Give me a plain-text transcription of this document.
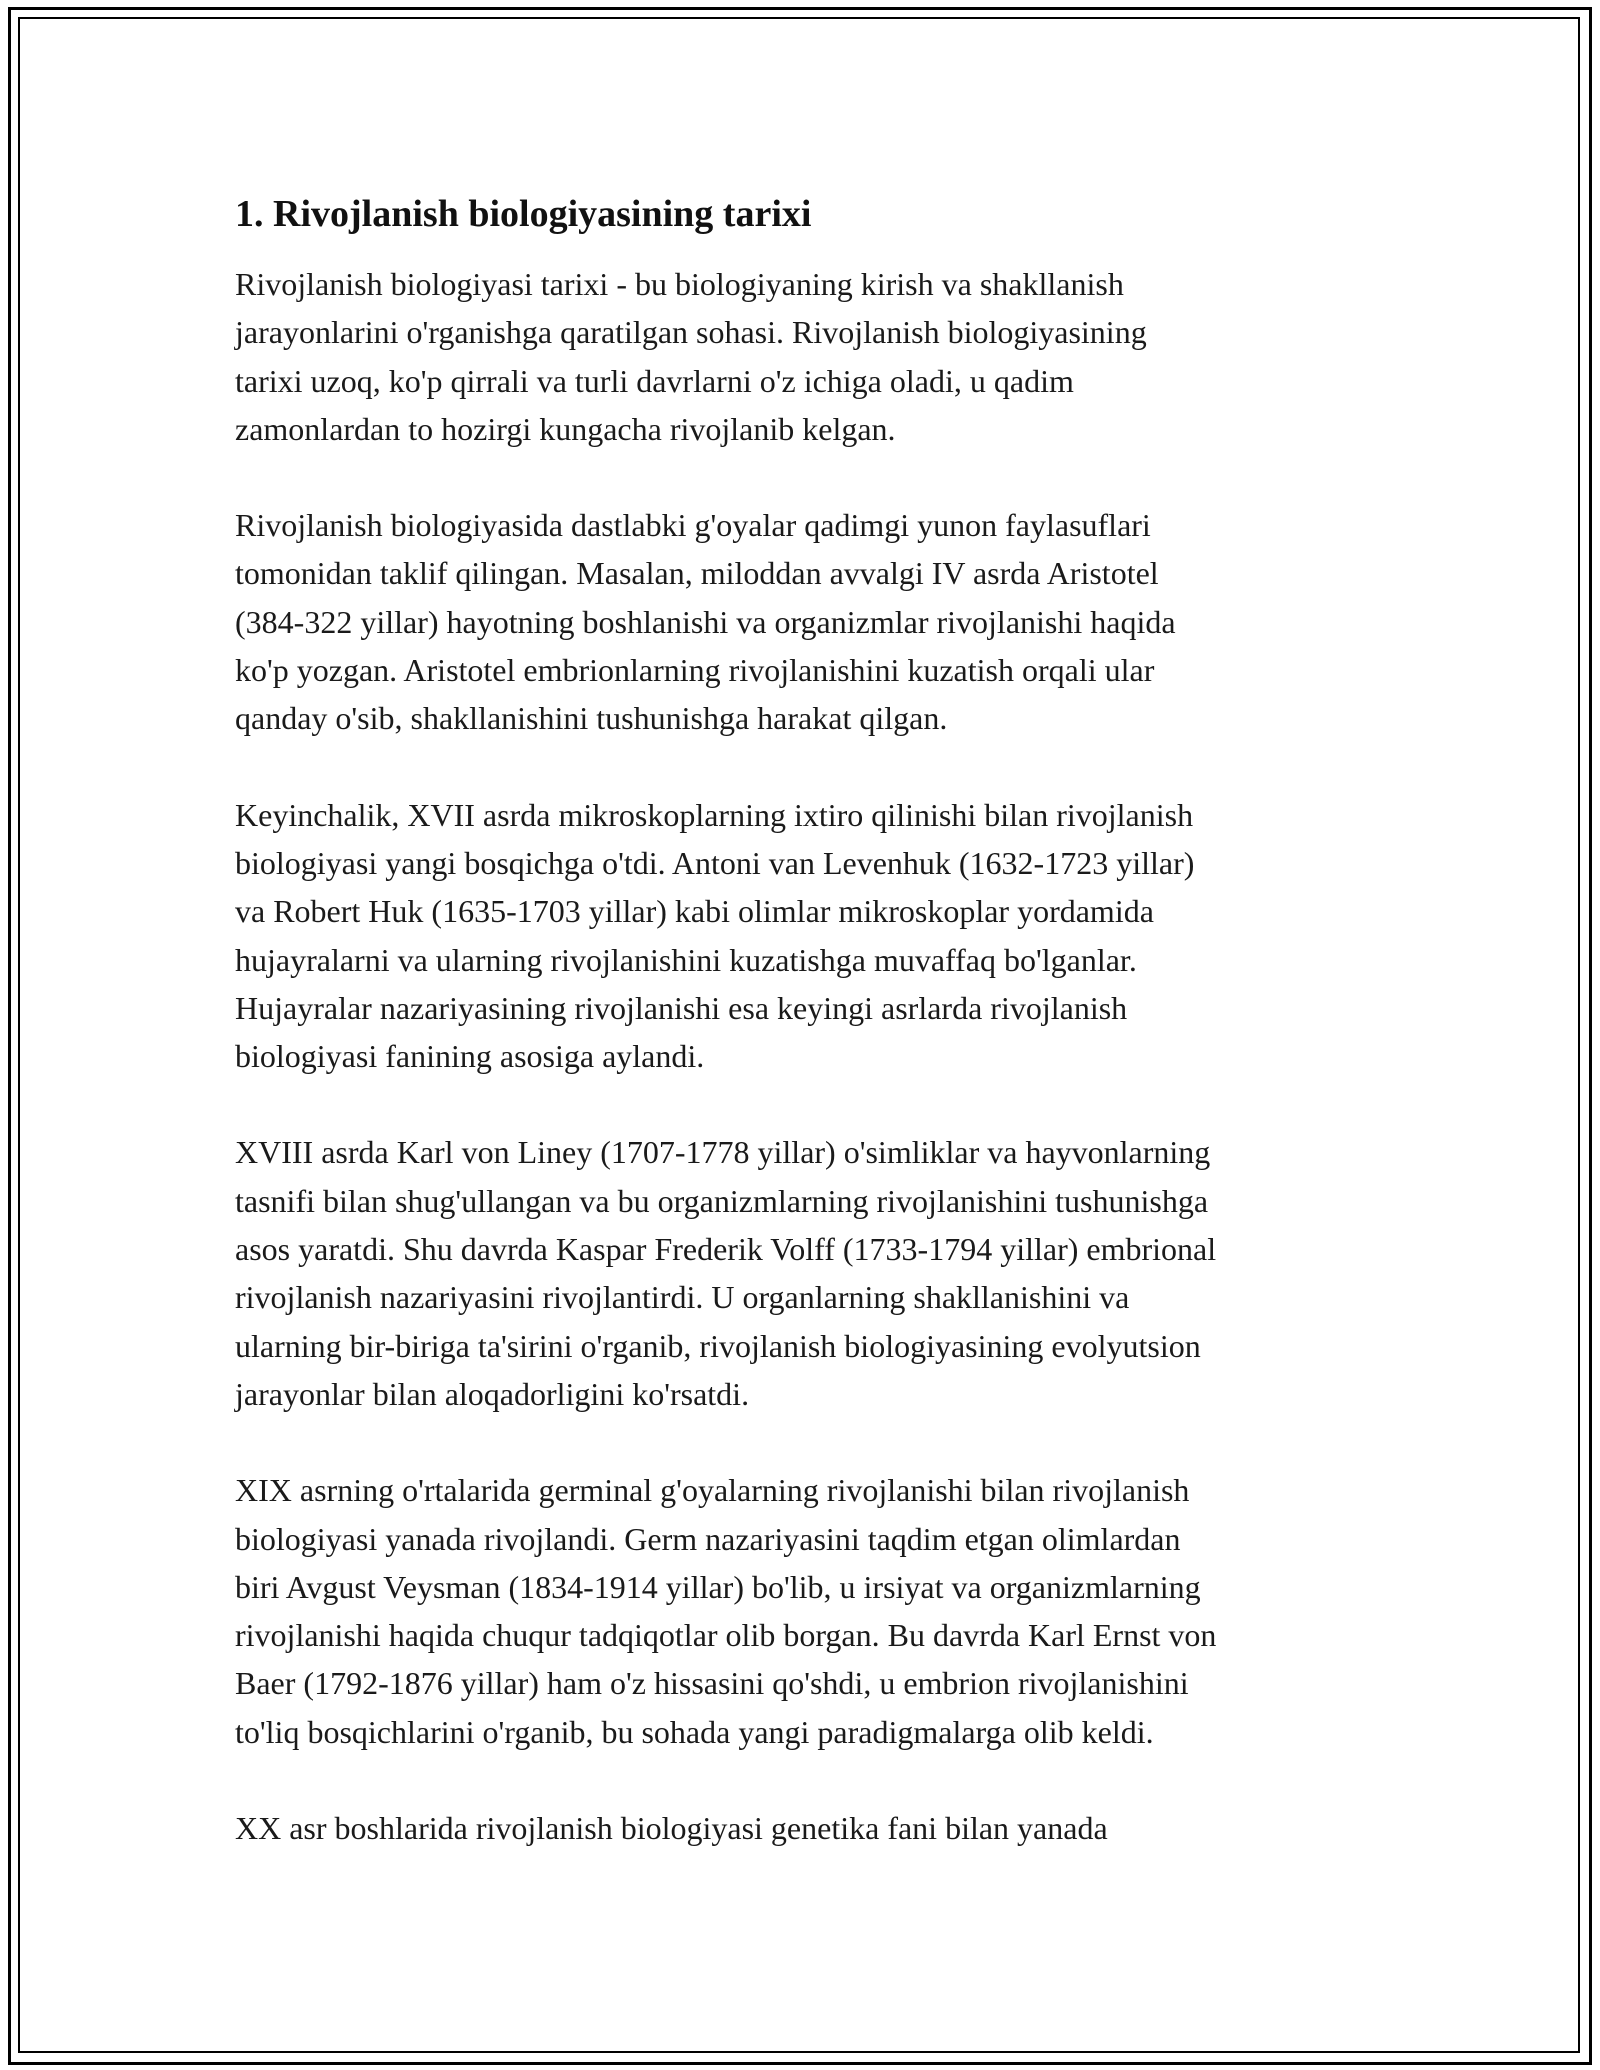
1. Rivojlanish biologiyasining tarixi

Rivojlanish biologiyasi tarixi - bu biologiyaning kirish va shakllanish
jarayonlarini o'rganishga qaratilgan sohasi. Rivojlanish biologiyasining
tarixi uzoq, ko'p qirrali va turli davrlarni o'z ichiga oladi, u qadim
zamonlardan to hozirgi kungacha rivojlanib kelgan.

Rivojlanish biologiyasida dastlabki g'oyalar qadimgi yunon faylasuflari
tomonidan taklif qilingan. Masalan, miloddan avvalgi IV asrda Aristotel
(384-322 yillar) hayotning boshlanishi va organizmlar rivojlanishi haqida
ko'p yozgan. Aristotel embrionlarning rivojlanishini kuzatish orqali ular
qanday o'sib, shakllanishini tushunishga harakat qilgan.

Keyinchalik, XVII asrda mikroskoplarning ixtiro qilinishi bilan rivojlanish
biologiyasi yangi bosqichga o'tdi. Antoni van Levenhuk (1632-1723 yillar)
va Robert Huk (1635-1703 yillar) kabi olimlar mikroskoplar yordamida
hujayralarni va ularning rivojlanishini kuzatishga muvaffaq bo'lganlar.
Hujayralar nazariyasining rivojlanishi esa keyingi asrlarda rivojlanish
biologiyasi fanining asosiga aylandi.

XVIII asrda Karl von Liney (1707-1778 yillar) o'simliklar va hayvonlarning
tasnifi bilan shug'ullangan va bu organizmlarning rivojlanishini tushunishga
asos yaratdi. Shu davrda Kaspar Frederik Volff (1733-1794 yillar) embrional
rivojlanish nazariyasini rivojlantirdi. U organlarning shakllanishini va
ularning bir-biriga ta'sirini o'rganib, rivojlanish biologiyasining evolyutsion
jarayonlar bilan aloqadorligini ko'rsatdi.

XIX asrning o'rtalarida germinal g'oyalarning rivojlanishi bilan rivojlanish
biologiyasi yanada rivojlandi. Germ nazariyasini taqdim etgan olimlardan
biri Avgust Veysman (1834-1914 yillar) bo'lib, u irsiyat va organizmlarning
rivojlanishi haqida chuqur tadqiqotlar olib borgan. Bu davrda Karl Ernst von
Baer (1792-1876 yillar) ham o'z hissasini qo'shdi, u embrion rivojlanishini
to'liq bosqichlarini o'rganib, bu sohada yangi paradigmalarga olib keldi.

XX asr boshlarida rivojlanish biologiyasi genetika fani bilan yanada
